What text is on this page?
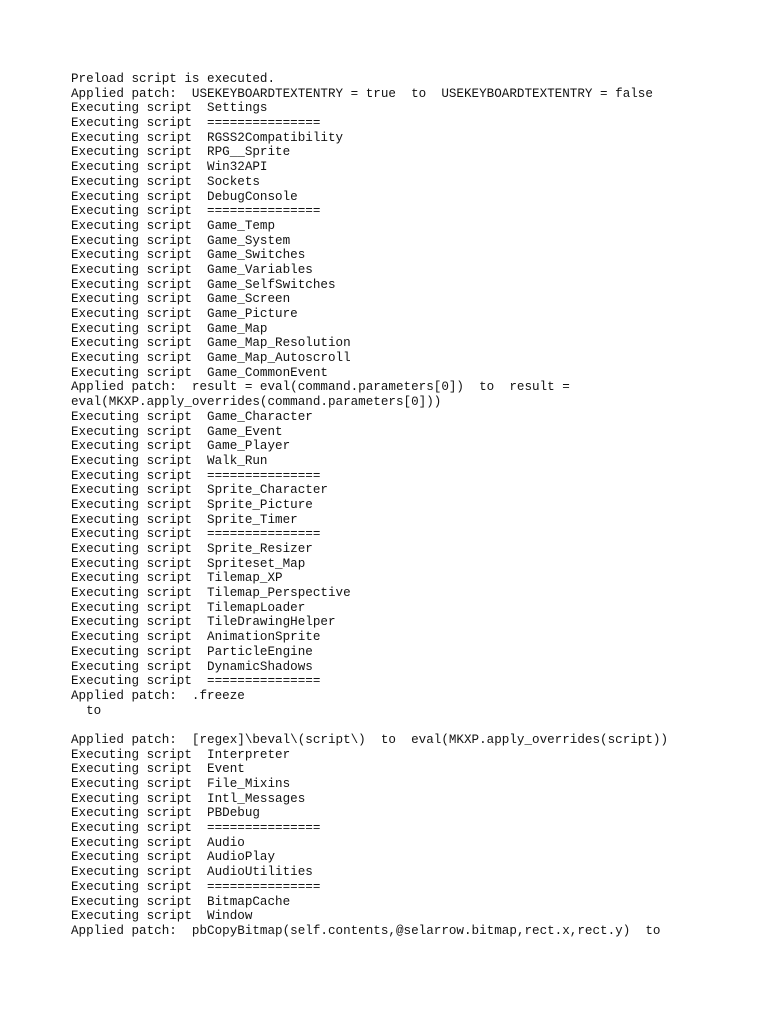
Preload script is executed.
Applied patch:  USEKEYBOARDTEXTENTRY = true  to  USEKEYBOARDTEXTENTRY = false
Executing script  Settings
Executing script  ===============
Executing script  RGSS2Compatibility
Executing script  RPG__Sprite
Executing script  Win32API
Executing script  Sockets
Executing script  DebugConsole
Executing script  ===============
Executing script  Game_Temp
Executing script  Game_System
Executing script  Game_Switches
Executing script  Game_Variables
Executing script  Game_SelfSwitches
Executing script  Game_Screen
Executing script  Game_Picture
Executing script  Game_Map
Executing script  Game_Map_Resolution
Executing script  Game_Map_Autoscroll
Executing script  Game_CommonEvent
Applied patch:  result = eval(command.parameters[0])  to  result =
eval(MKXP.apply_overrides(command.parameters[0]))
Executing script  Game_Character
Executing script  Game_Event
Executing script  Game_Player
Executing script  Walk_Run
Executing script  ===============
Executing script  Sprite_Character
Executing script  Sprite_Picture
Executing script  Sprite_Timer
Executing script  ===============
Executing script  Sprite_Resizer
Executing script  Spriteset_Map
Executing script  Tilemap_XP
Executing script  Tilemap_Perspective
Executing script  TilemapLoader
Executing script  TileDrawingHelper
Executing script  AnimationSprite
Executing script  ParticleEngine
Executing script  DynamicShadows
Executing script  ===============
Applied patch:  .freeze
to
Applied patch:  [regex]\beval\(script\)  to  eval(MKXP.apply_overrides(script))
Executing script  Interpreter
Executing script  Event
Executing script  File_Mixins
Executing script  Intl_Messages
Executing script  PBDebug
Executing script  ===============
Executing script  Audio
Executing script  AudioPlay
Executing script  AudioUtilities
Executing script  ===============
Executing script  BitmapCache
Executing script  Window
Applied patch:  pbCopyBitmap(self.contents,@selarrow.bitmap,rect.x,rect.y)  to
